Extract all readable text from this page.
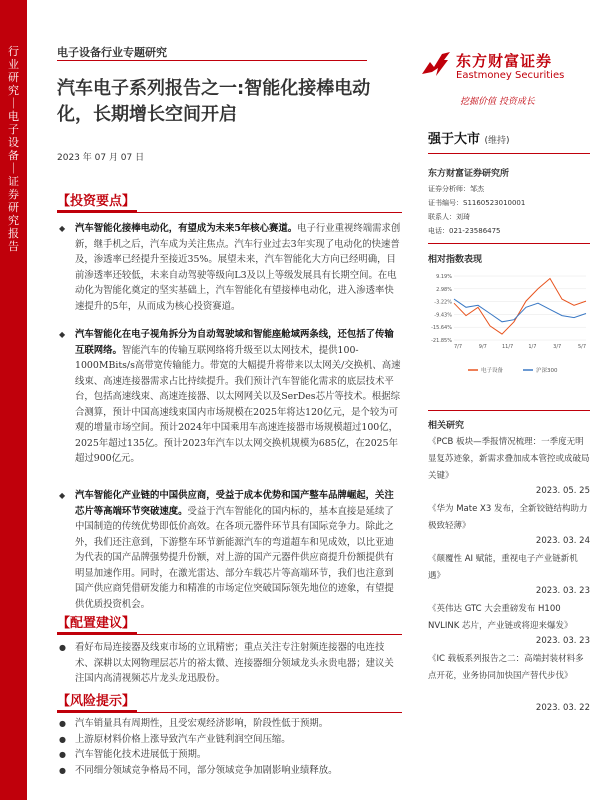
行业研究｜电子设备｜证券研究报告
电子设备行业专题研究
汽车电子系列报告之一:智能化接棒电动化，长期增长空间开启
2023 年 07 月 07 日
东方财富证券
Eastmoney Securities
挖掘价值 投资成长
【投资要点】
◆	汽车智能化接棒电动化，有望成为未来5年核心赛道。电子行业重视终端需求创新，继手机之后，汽车成为关注焦点。汽车行业过去3年实现了电动化的快速普及，渗透率已经提升至接近35%。展望未来，汽车智能化大方向已经明确，目前渗透率还较低，未来自动驾驶等级向L3及以上等级发展具有长期空间。在电动化为智能化奠定的坚实基础上，汽车智能化有望接棒电动化，进入渗透率快速提升的5年，从而成为核心投资赛道。
◆	汽车智能化在电子视角拆分为自动驾驶域和智能座舱域两条线，还包括了传输互联网络。智能汽车的传输互联网络将升级至以太网技术，提供100-1000MBits/s高带宽传输能力。带宽的大幅提升将带来以太网关/交换机、高速线束、高速连接器需求占比持续提升。我们预计汽车智能化需求的底层技术平台，包括高速线束、高速连接器、以太网网关以及SerDes芯片等技术。根据综合测算，预计中国高速线束国内市场规模在2025年将达120亿元，是个较为可观的增量市场空间。预计2024年中国乘用车高速连接器市场规模超过100亿，2025年超过135亿。预计2023年汽车以太网交换机规模为685亿，在2025年超过900亿元。
◆	汽车智能化产业链的中国供应商，受益于成本优势和国产整车品牌崛起，关注芯片等高端环节突破速度。受益于汽车智能化的国内标的，基本直接是延续了中国制造的传统优势即低价高效。在各项元器件环节具有国际竞争力。除此之外，我们还注意到，下游整车环节新能源汽车的弯道超车和见成效，以比亚迪为代表的国产品牌强势提升份额，对上游的国产元器件供应商提升份额提供有明显加速作用。同时，在激光雷达、部分车载芯片等高端环节，我们也注意到国产供应商凭借研发能力和精准的市场定位突破国际领先地位的迹象，有望提供优质投资机会。
【配置建议】
● 看好布局连接器及线束市场的立讯精密；重点关注专注射频连接器的电连技术、深耕以太网物理层芯片的裕太微、连接器细分领域龙头永贵电器；建议关注国内高清视频芯片龙头龙迅股份。
【风险提示】
● 汽车销量具有周期性，且受宏观经济影响，阶段性低于预期。
● 上游原材料价格上涨导致汽车产业链利润空间压缩。
● 汽车智能化技术进展低于预期。
● 不同细分领域竞争格局不同，部分领域竞争加剧影响业绩释放。
强于大市 (维持)
东方财富证券研究所
证券分析师：邹杰
证书编号：S1160523010001
联系人：刘琦
电话：021-23586475
相对指数表现
9.19%
2.98%
-3.22%
-9.43%
-15.64%
-21.85%
7/7	9/7	11/7	1/7	3/7	5/7
电子设备	沪深300
相关研究
《PCB 板块—季报情况梳理：一季度无明显复苏迹象，新需求叠加成本管控或成破局关键》
2023. 05. 25
《华为 Mate X3 发布，全新铰链结构助力极致轻薄》
2023. 03. 24
《颠覆性 AI 赋能，重视电子产业链新机遇》
2023. 03. 23
《英伟达 GTC 大会重磅发布 H100 NVLINK 芯片，产业链或将迎来爆发》
2023. 03. 23
《IC 载板系列报告之二：高端封装材料多点开花，业务协同加快国产替代步伐》
2023. 03. 22
